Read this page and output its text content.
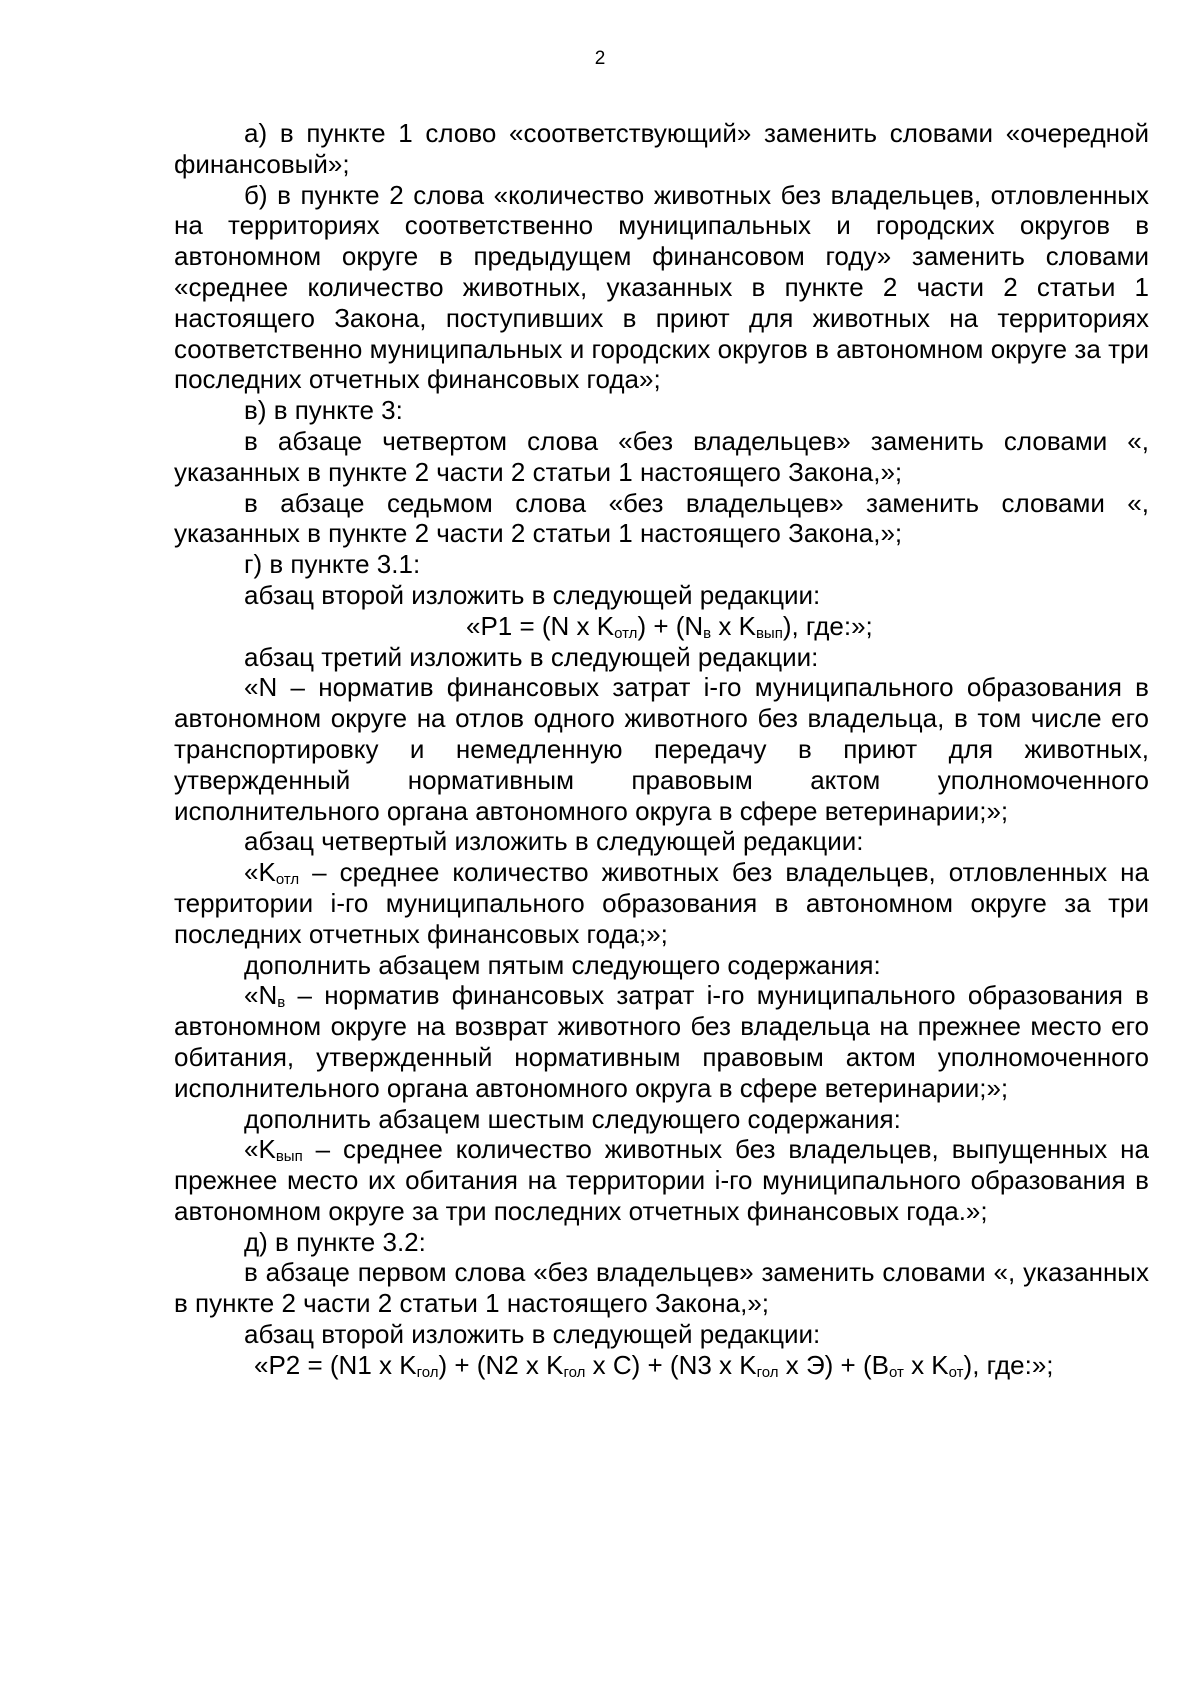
2

а) в пункте 1 слово «соответствующий» заменить словами «очередной финансовый»;

б) в пункте 2 слова «количество животных без владельцев, отловленных на территориях соответственно муниципальных и городских округов в автономном округе в предыдущем финансовом году» заменить словами «среднее количество животных, указанных в пункте 2 части 2 статьи 1 настоящего Закона, поступивших в приют для животных на территориях соответственно муниципальных и городских округов в автономном округе за три последних отчетных финансовых года»;

в) в пункте 3:

в абзаце четвертом слова «без владельцев» заменить словами «, указанных в пункте 2 части 2 статьи 1 настоящего Закона,»;

в абзаце седьмом слова «без владельцев» заменить словами «, указанных в пункте 2 части 2 статьи 1 настоящего Закона,»;

г) в пункте 3.1:

абзац второй изложить в следующей редакции:

«P1 = (N x $K_{отл}) + (N_в$ x $K_{вып}$), где:»;

абзац третий изложить в следующей редакции:

«N – норматив финансовых затрат i-го муниципального образования в автономном округе на отлов одного животного без владельца, в том числе его транспортировку и немедленную передачу в приют для животных, утвержденный нормативным правовым актом уполномоченного исполнительного органа автономного округа в сфере ветеринарии;»;

абзац четвертый изложить в следующей редакции:

«$K_{отл}$ – среднее количество животных без владельцев, отловленных на территории i-го муниципального образования в автономном округе за три последних отчетных финансовых года;»;

дополнить абзацем пятым следующего содержания:

«$N_в$ – норматив финансовых затрат i-го муниципального образования в автономном округе на возврат животного без владельца на прежнее место его обитания, утвержденный нормативным правовым актом уполномоченного исполнительного органа автономного округа в сфере ветеринарии;»;

дополнить абзацем шестым следующего содержания:

«$K_{вып}$ – среднее количество животных без владельцев, выпущенных на прежнее место их обитания на территории i-го муниципального образования в автономном округе за три последних отчетных финансовых года.»;

д) в пункте 3.2:

в абзаце первом слова «без владельцев» заменить словами «, указанных в пункте 2 части 2 статьи 1 настоящего Закона,»;

абзац второй изложить в следующей редакции:

«P2 = (N1 x $K_{гол}) + (N2$ x $K_{гол}$ x C) + (N3 x $K_{гол}$ x $Э) + (B_{от}$ x $K_{от}$), где:»;
